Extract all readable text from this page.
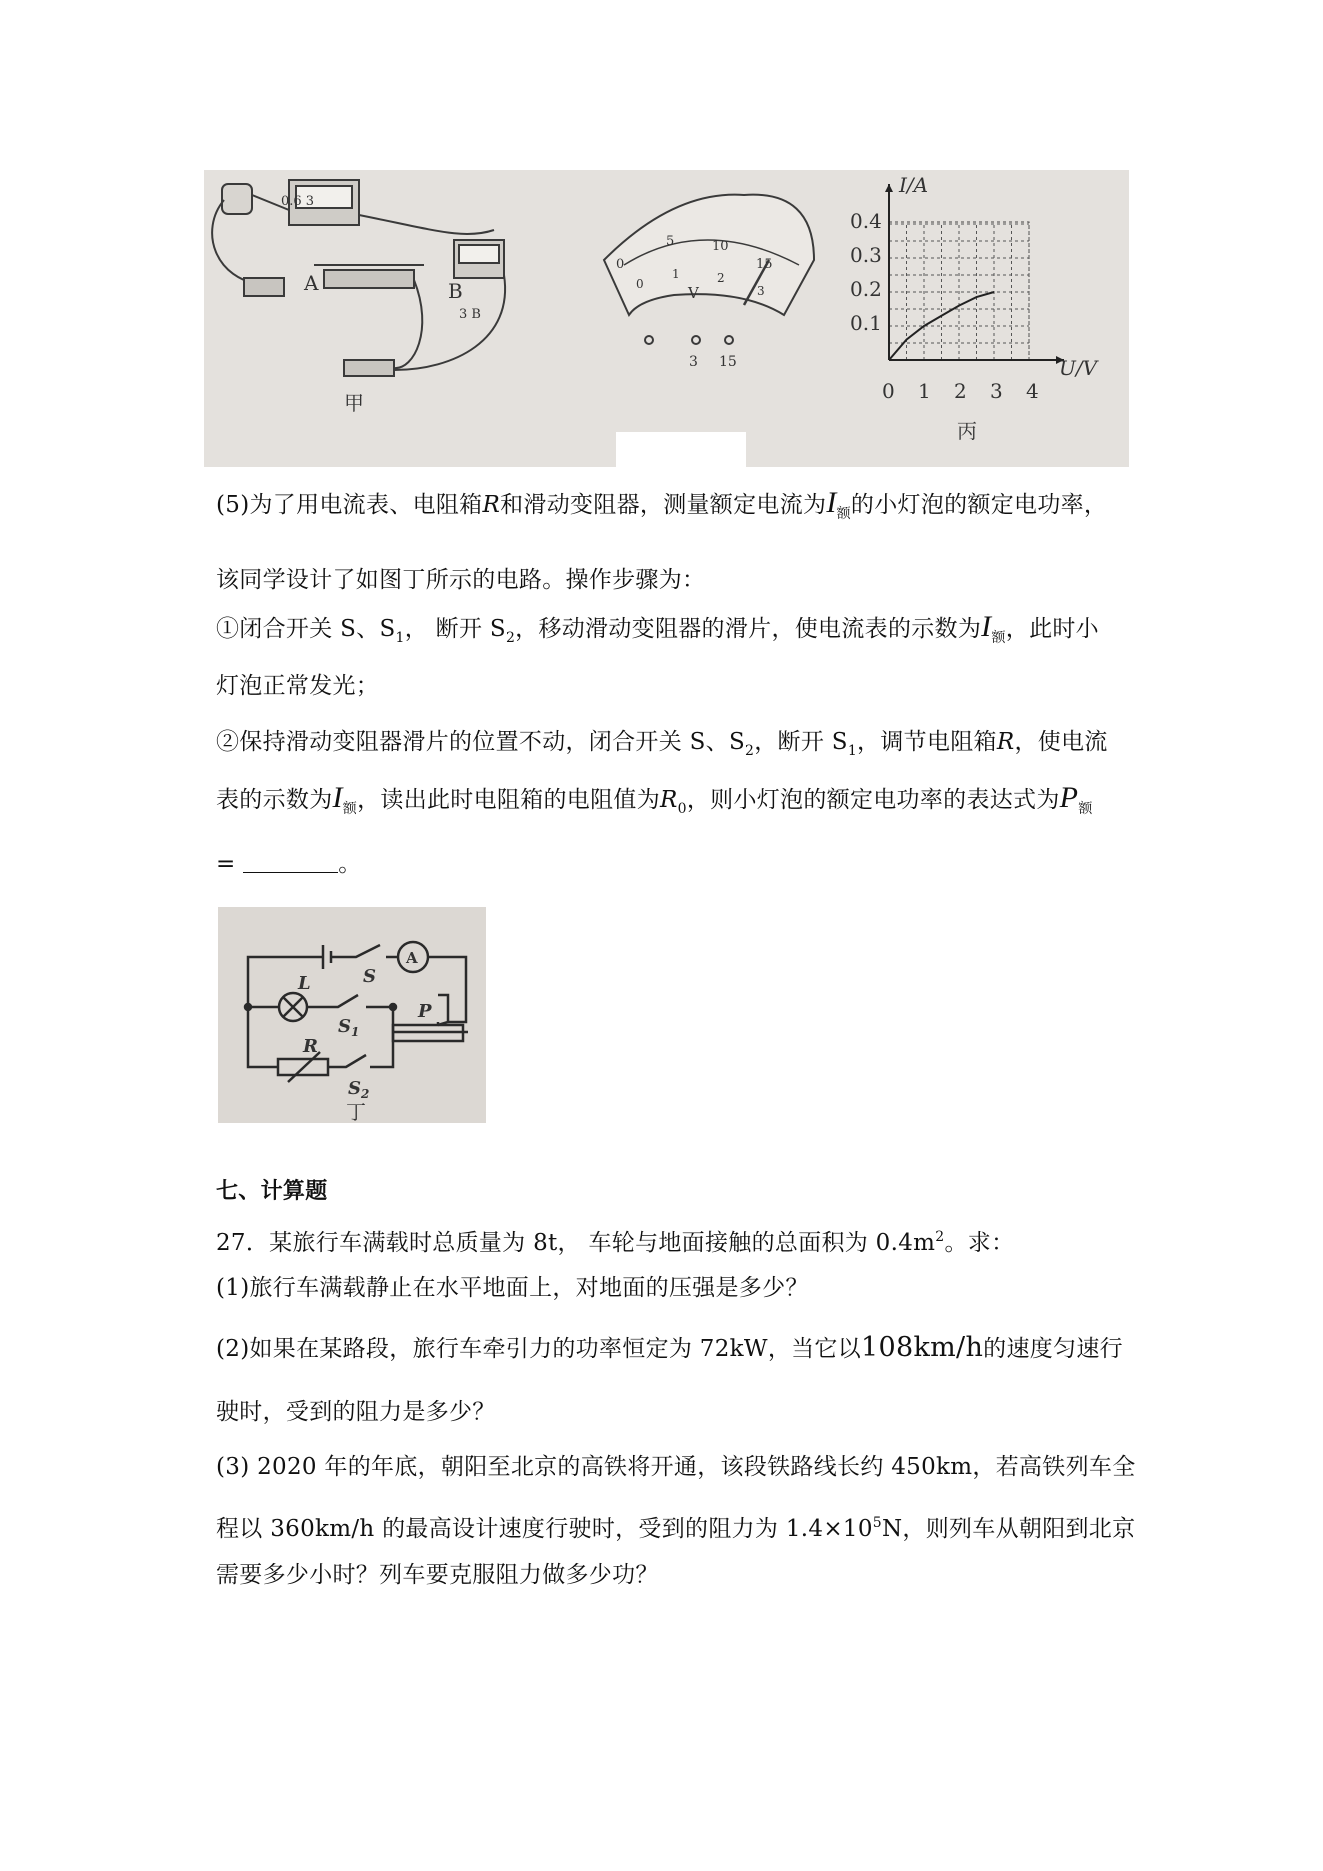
0.6 3
A	B
3 B
甲
0
5	10
15
0
1	2
3
V
3 15
I/A
U/V
0.4
0.3
0.2
0.1
0 1 2 3 4
丙
(5)为了用电流表、电阻箱R和滑动变阻器，测量额定电流为$I_额$的小灯泡的额定电功率，
该同学设计了如图丁所示的电路。操作步骤为：
①闭合开关 S、$S_1$， 断开 $S_2$，移动滑动变阻器的滑片，使电流表的示数为$I_额$，此时小
灯泡正常发光；
②保持滑动变阻器滑片的位置不动，闭合开关 S、$S_2$，断开 $S_1$，调节电阻箱R，使电流
表的示数为$I_额$，读出此时电阻箱的电阻值为$R_0$，则小灯泡的额定电功率的表达式为$P_额$
=	。
S
A
L
$S_1$
P
R
$S_2$
丁
七、计算题
27．某旅行车满载时总质量为 8t， 车轮与地面接触的总面积为 $0.4m^2$。求：
(1)旅行车满载静止在水平地面上，对地面的压强是多少？
(2)如果在某路段，旅行车牵引力的功率恒定为 72kW，当它以108km/h的速度匀速行
驶时，受到的阻力是多少？
(3) 2020 年的年底，朝阳至北京的高铁将开通，该段铁路线长约 450km，若高铁列车全
程以 360km/h 的最高设计速度行驶时，受到的阻力为 $1.4\times 10^5N$，则列车从朝阳到北京
需要多少小时？列车要克服阻力做多少功？
